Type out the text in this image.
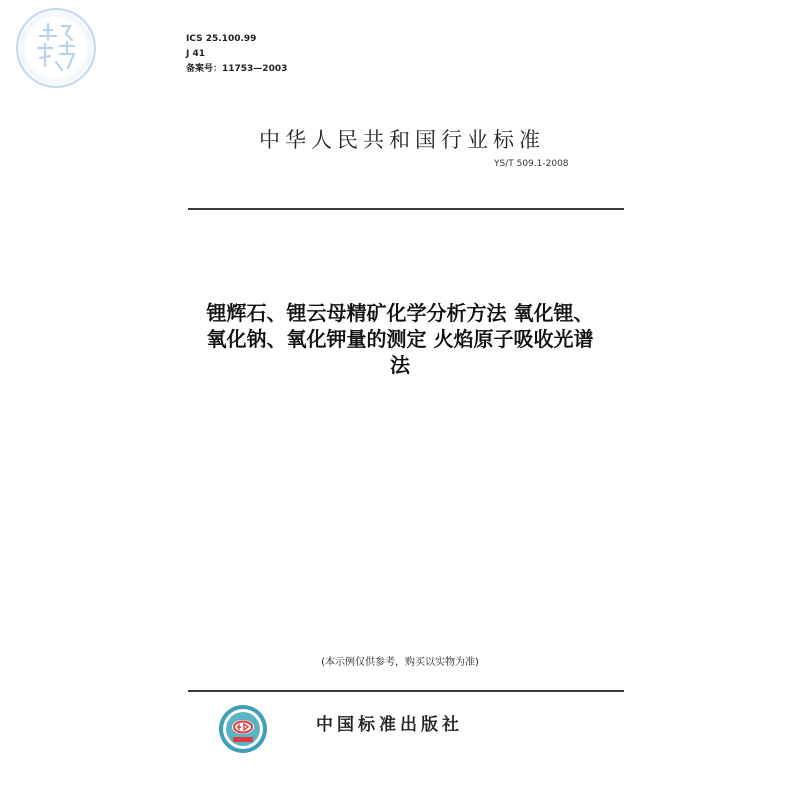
ICS 25.100.99
J 41
备案号：11753—2003
中华人民共和国行业标准
YS/T 509.1-2008
锂辉石、锂云母精矿化学分析方法 氧化锂、
氧化钠、氧化钾量的测定 火焰原子吸收光谱
法
(本示例仅供参考，购买以实物为准)
中国标准出版社
